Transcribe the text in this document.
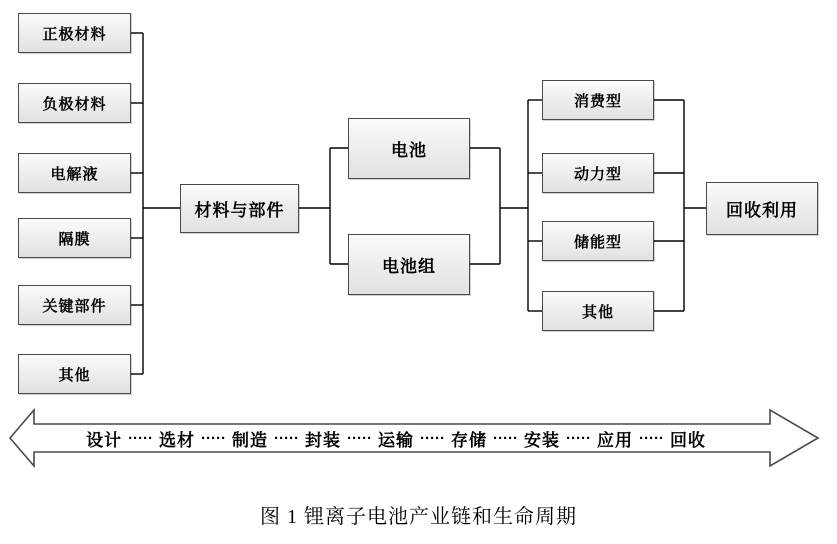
正极材料
负极材料
电解液
隔膜
关键部件
其他
材料与部件
电池
电池组
消费型
动力型
储能型
其他
回收利用
设计 ····· 选材 ····· 制造 ····· 封装 ····· 运输 ····· 存储 ····· 安装 ····· 应用 ····· 回收
图 1 锂离子电池产业链和生命周期
